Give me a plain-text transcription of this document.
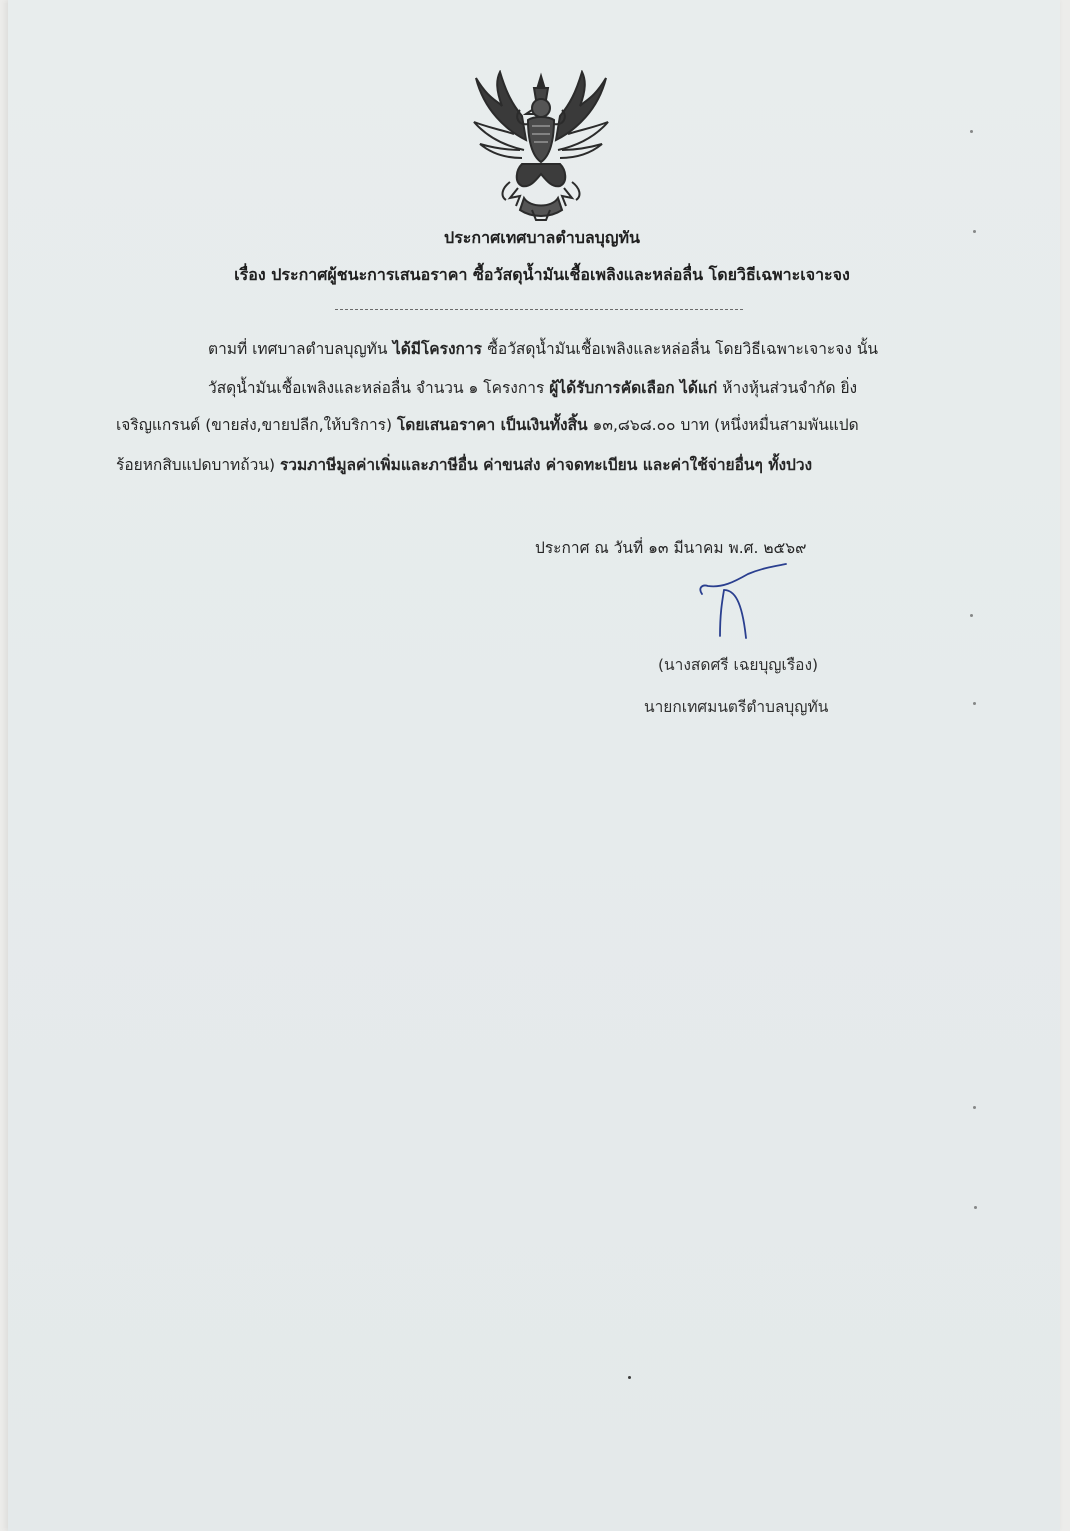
ประกาศเทศบาลตำบลบุญทัน
เรื่อง ประกาศผู้ชนะการเสนอราคา ซื้อวัสดุน้ำมันเชื้อเพลิงและหล่อลื่น โดยวิธีเฉพาะเจาะจง
ตามที่ เทศบาลตำบลบุญทัน ได้มีโครงการ ซื้อวัสดุน้ำมันเชื้อเพลิงและหล่อลื่น โดยวิธีเฉพาะเจาะจง นั้น
วัสดุน้ำมันเชื้อเพลิงและหล่อลื่น จำนวน ๑ โครงการ ผู้ได้รับการคัดเลือก ได้แก่ ห้างหุ้นส่วนจำกัด ยิ่ง
เจริญแกรนด์ (ขายส่ง,ขายปลีก,ให้บริการ) โดยเสนอราคา เป็นเงินทั้งสิ้น ๑๓,๘๖๘.๐๐ บาท (หนึ่งหมื่นสามพันแปด
ร้อยหกสิบแปดบาทถ้วน) รวมภาษีมูลค่าเพิ่มและภาษีอื่น ค่าขนส่ง ค่าจดทะเบียน และค่าใช้จ่ายอื่นๆ ทั้งปวง
ประกาศ ณ วันที่ ๑๓ มีนาคม พ.ศ. ๒๕๖๙
(นางสดศรี เฉยบุญเรือง)
นายกเทศมนตรีตำบลบุญทัน
